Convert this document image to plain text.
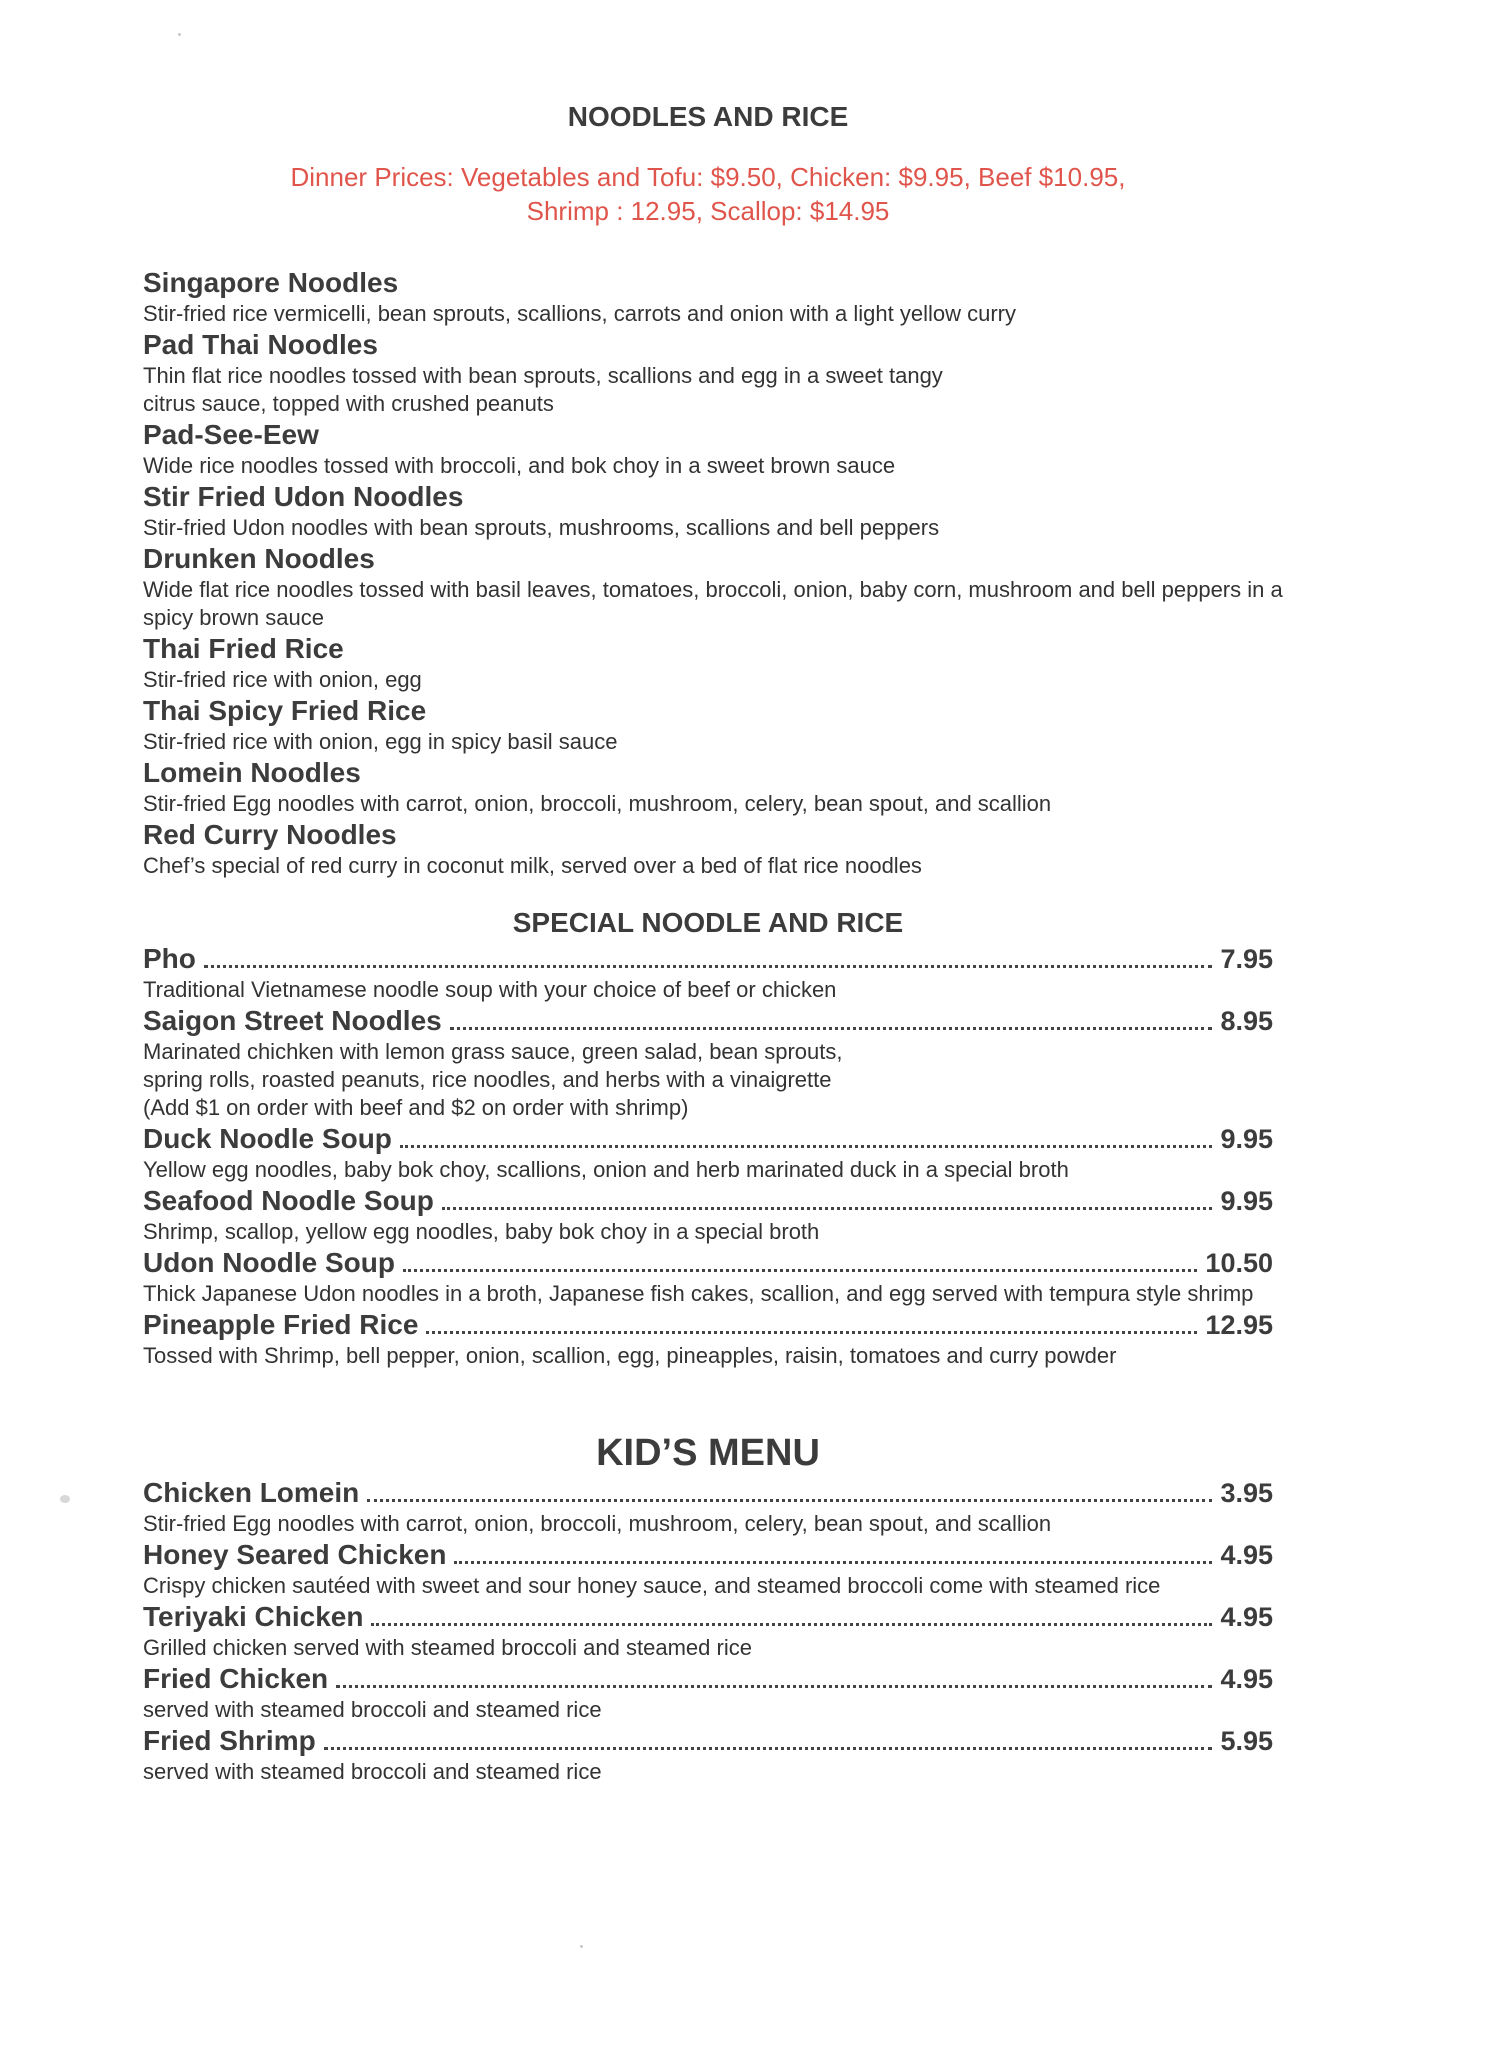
NOODLES AND RICE
Dinner Prices: Vegetables and Tofu: $9.50, Chicken: $9.95, Beef $10.95,
Shrimp : 12.95, Scallop: $14.95
Singapore Noodles
Stir-fried rice vermicelli, bean sprouts, scallions, carrots and onion with a light yellow curry
Pad Thai Noodles
Thin flat rice noodles tossed with bean sprouts, scallions and egg in a sweet tangy
citrus sauce, topped with crushed peanuts
Pad-See-Eew
Wide rice noodles tossed with broccoli, and bok choy in a sweet brown sauce
Stir Fried Udon Noodles
Stir-fried Udon noodles with bean sprouts, mushrooms, scallions and bell peppers
Drunken Noodles
Wide flat rice noodles tossed with basil leaves, tomatoes, broccoli, onion, baby corn, mushroom and bell peppers in a
spicy brown sauce
Thai Fried Rice
Stir-fried rice with onion, egg
Thai Spicy Fried Rice
Stir-fried rice with onion, egg in spicy basil sauce
Lomein Noodles
Stir-fried Egg noodles with carrot, onion, broccoli, mushroom, celery, bean spout, and scallion
Red Curry Noodles
Chef’s special of red curry in coconut milk, served over a bed of flat rice noodles
SPECIAL NOODLE AND RICE
Pho	7.95
Traditional Vietnamese noodle soup with your choice of beef or chicken
Saigon Street Noodles	8.95
Marinated chichken with lemon grass sauce, green salad, bean sprouts,
spring rolls, roasted peanuts, rice noodles, and herbs with a vinaigrette
(Add $1 on order with beef and $2 on order with shrimp)
Duck Noodle Soup	9.95
Yellow egg noodles, baby bok choy, scallions, onion and herb marinated duck in a special broth
Seafood Noodle Soup	9.95
Shrimp, scallop, yellow egg noodles, baby bok choy in a special broth
Udon Noodle Soup	10.50
Thick Japanese Udon noodles in a broth, Japanese fish cakes, scallion, and egg served with tempura style shrimp
Pineapple Fried Rice	12.95
Tossed with Shrimp, bell pepper, onion, scallion, egg, pineapples, raisin, tomatoes and curry powder
KID’S MENU
Chicken Lomein	3.95
Stir-fried Egg noodles with carrot, onion, broccoli, mushroom, celery, bean spout, and scallion
Honey Seared Chicken	4.95
Crispy chicken sautéed with sweet and sour honey sauce, and steamed broccoli come with steamed rice
Teriyaki Chicken	4.95
Grilled chicken served with steamed broccoli and steamed rice
Fried Chicken	4.95
served with steamed broccoli and steamed rice
Fried Shrimp	5.95
served with steamed broccoli and steamed rice
